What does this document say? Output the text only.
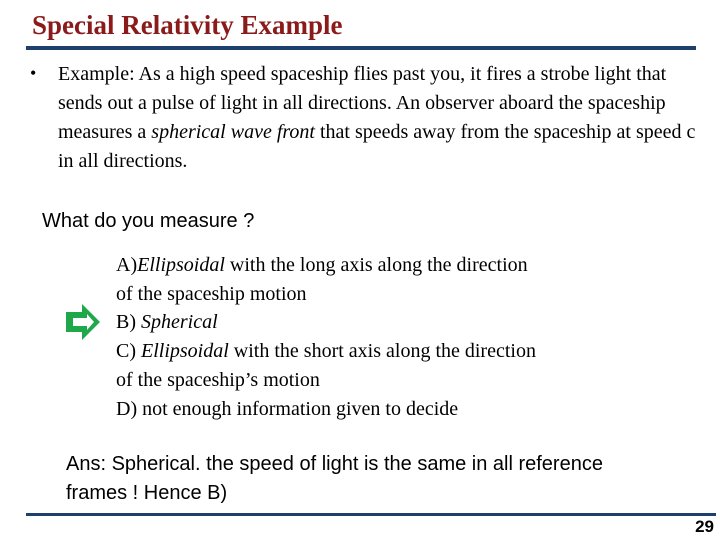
Special Relativity Example
• Example: As a high speed spaceship flies past you, it fires a strobe light that sends out a pulse of light in all directions. An observer aboard the spaceship measures a spherical wave front that speeds away from the spaceship at speed c in all directions.
What do you measure ?
A)Ellipsoidal with the long axis along the direction
of the spaceship motion
B) Spherical
C) Ellipsoidal with the short axis along the direction
of the spaceship’s motion
D) not enough information given to decide
Ans: Spherical. the speed of light is the same in all reference frames ! Hence B)
29
